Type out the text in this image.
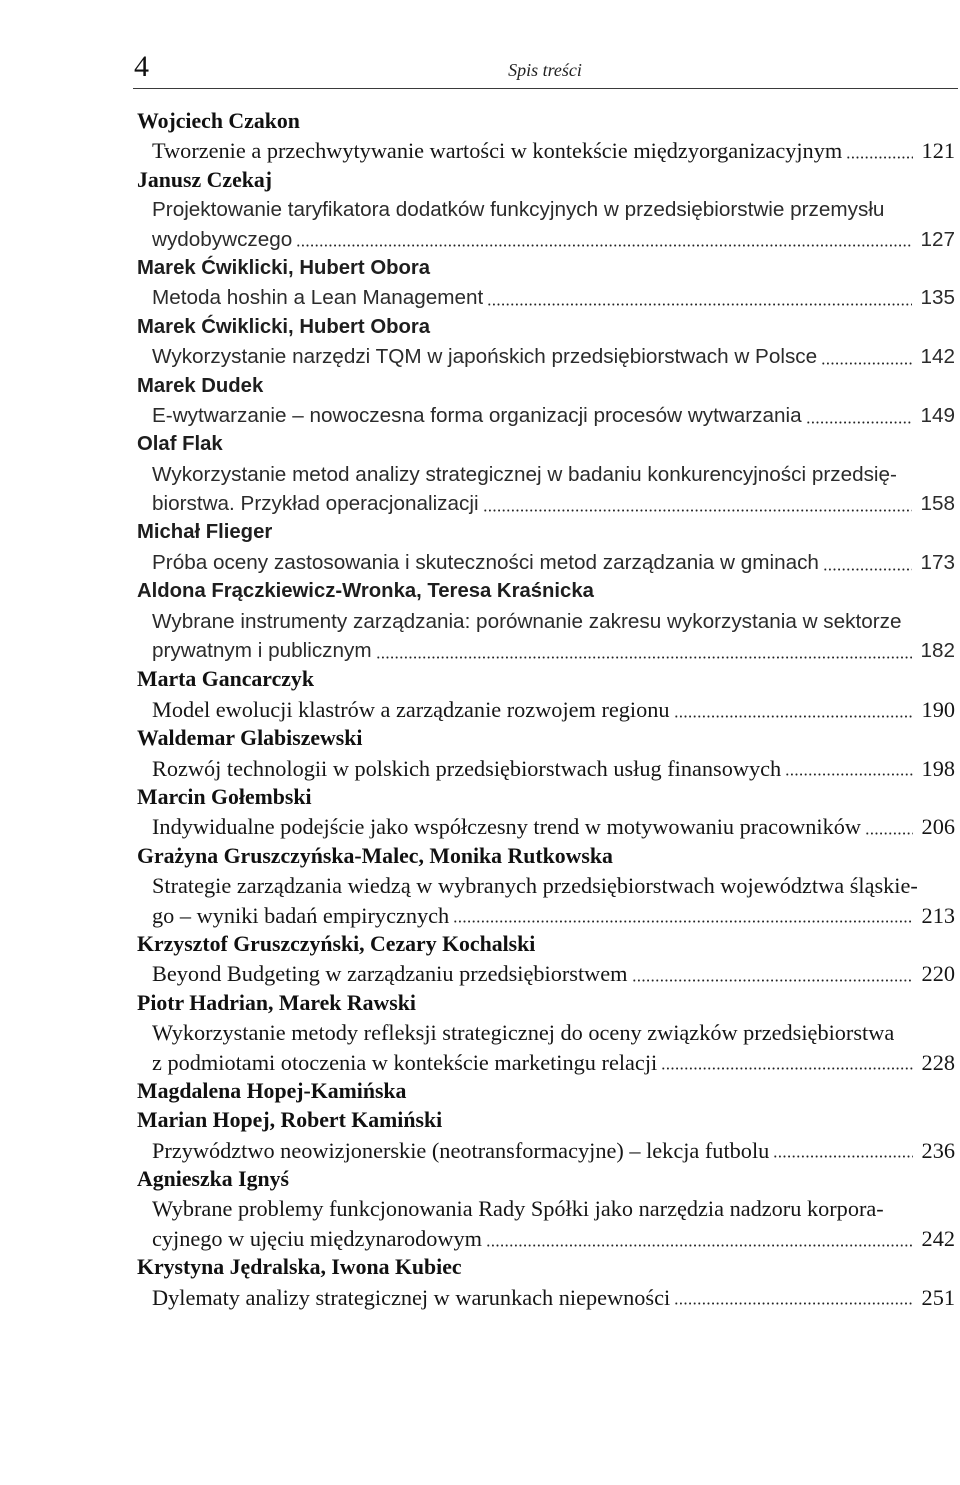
4	Spis treści
Wojciech Czakon
Tworzenie a przechwytywanie wartości w kontekście międzyorganizacyjnym	121
Janusz Czekaj
Projektowanie taryfikatora dodatków funkcyjnych w przedsiębiorstwie przemysłu
wydobywczego	127
Marek Ćwiklicki, Hubert Obora
Metoda hoshin a Lean Management	135
Marek Ćwiklicki, Hubert Obora
Wykorzystanie narzędzi TQM w japońskich przedsiębiorstwach w Polsce	142
Marek Dudek
E-wytwarzanie – nowoczesna forma organizacji procesów wytwarzania	149
Olaf Flak
Wykorzystanie metod analizy strategicznej w badaniu konkurencyjności przedsię-
biorstwa. Przykład operacjonalizacji	158
Michał Flieger
Próba oceny zastosowania i skuteczności metod zarządzania w gminach	173
Aldona Frączkiewicz-Wronka, Teresa Kraśnicka
Wybrane instrumenty zarządzania: porównanie zakresu wykorzystania w sektorze
prywatnym i publicznym	182
Marta Gancarczyk
Model ewolucji klastrów a zarządzanie rozwojem regionu	190
Waldemar Glabiszewski
Rozwój technologii w polskich przedsiębiorstwach usług finansowych	198
Marcin Gołembski
Indywidualne podejście jako współczesny trend w motywowaniu pracowników	206
Grażyna Gruszczyńska-Malec, Monika Rutkowska
Strategie zarządzania wiedzą w wybranych przedsiębiorstwach województwa śląskie-
go – wyniki badań empirycznych	213
Krzysztof Gruszczyński, Cezary Kochalski
Beyond Budgeting w zarządzaniu przedsiębiorstwem	220
Piotr Hadrian, Marek Rawski
Wykorzystanie metody refleksji strategicznej do oceny związków przedsiębiorstwa
z podmiotami otoczenia w kontekście marketingu relacji	228
Magdalena Hopej-Kamińska
Marian Hopej, Robert Kamiński
Przywództwo neowizjonerskie (neotransformacyjne) – lekcja futbolu	236
Agnieszka Ignyś
Wybrane problemy funkcjonowania Rady Spółki jako narzędzia nadzoru korpora-
cyjnego w ujęciu międzynarodowym	242
Krystyna Jędralska, Iwona Kubiec
Dylematy analizy strategicznej w warunkach niepewności	251
